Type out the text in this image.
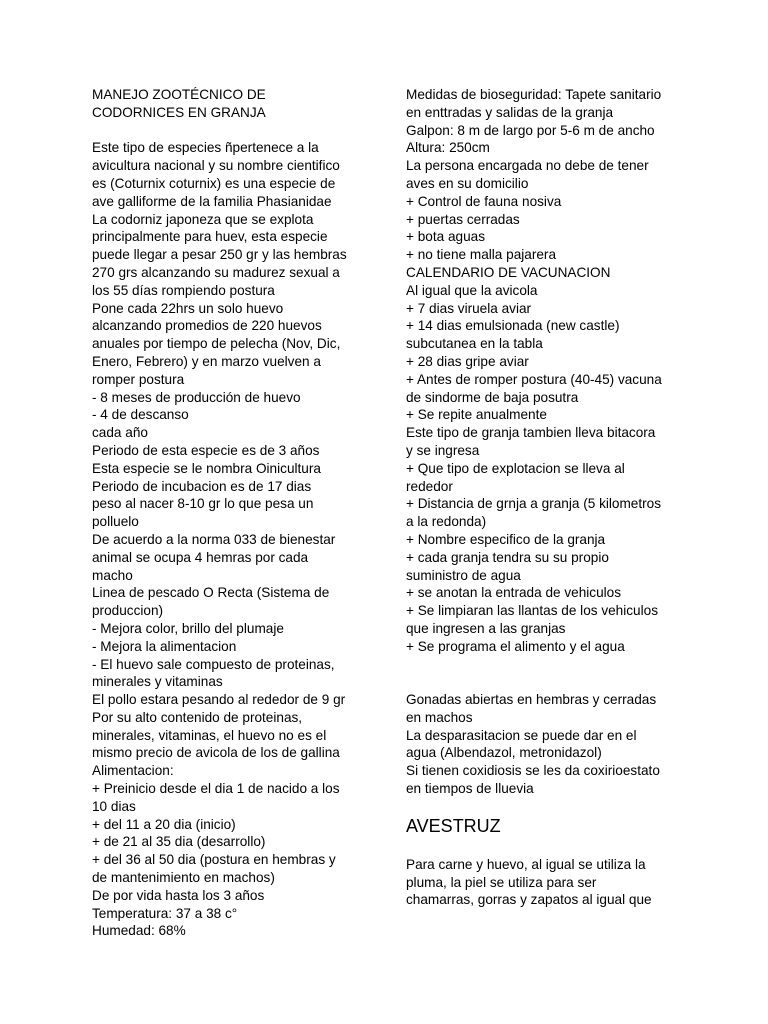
MANEJO ZOOTÉCNICO DE
CODORNICES EN GRANJA
Este tipo de especies ñpertenece a la
avicultura nacional y su nombre cientifico
es (Coturnix coturnix) es una especie de
ave galliforme de la familia Phasianidae
La codorniz japoneza que se explota
principalmente para huev, esta especie
puede llegar a pesar 250 gr y las hembras
270 grs alcanzando su madurez sexual a
los 55 días rompiendo postura
Pone cada 22hrs un solo huevo
alcanzando promedios de 220 huevos
anuales por tiempo de pelecha (Nov, Dic,
Enero, Febrero) y en marzo vuelven a
romper postura
- 8 meses de producción de huevo
- 4 de descanso
cada año
Periodo de esta especie es de 3 años
Esta especie se le nombra Oinicultura
Periodo de incubacion es de 17 dias
peso al nacer 8-10 gr lo que pesa un
polluelo
De acuerdo a la norma 033 de bienestar
animal se ocupa 4 hemras por cada
macho
Linea de pescado O Recta (Sistema de
produccion)
- Mejora color, brillo del plumaje
- Mejora la alimentacion
- El huevo sale compuesto de proteinas,
minerales y vitaminas
El pollo estara pesando al rededor de 9 gr
Por su alto contenido de proteinas,
minerales, vitaminas, el huevo no es el
mismo precio de avicola de los de gallina
Alimentacion:
+ Preinicio desde el dia 1 de nacido a los
10 dias
+ del 11 a 20 dia (inicio)
+ de 21 al 35 dia (desarrollo)
+ del 36 al 50 dia (postura en hembras y
de mantenimiento en machos)
De por vida hasta los 3 años
Temperatura: 37 a 38 c°
Humedad: 68%
Medidas de bioseguridad: Tapete sanitario
en enttradas y salidas de la granja
Galpon: 8 m de largo por 5-6 m de ancho
Altura: 250cm
La persona encargada no debe de tener
aves en su domicilio
+ Control de fauna nosiva
+ puertas cerradas
+ bota aguas
+ no tiene malla pajarera
CALENDARIO DE VACUNACION
Al igual que la avicola
+ 7 dias viruela aviar
+ 14 dias emulsionada (new castle)
subcutanea en la tabla
+ 28 dias gripe aviar
+ Antes de romper postura (40-45) vacuna
de sindorme de baja posutra
+ Se repite anualmente
Este tipo de granja tambien lleva bitacora
y se ingresa
+ Que tipo de explotacion se lleva al
rededor
+ Distancia de grnja a granja (5 kilometros
a la redonda)
+ Nombre especifico de la granja
+ cada granja tendra su su propio
suministro de agua
+ se anotan la entrada de vehiculos
+ Se limpiaran las llantas de los vehiculos
que ingresen a las granjas
+ Se programa el alimento y el agua
Gonadas abiertas en hembras y cerradas
en machos
La desparasitacion se puede dar en el
agua (Albendazol, metronidazol)
Si tienen coxidiosis se les da coxirioestato
en tiempos de lluevia
AVESTRUZ
Para carne y huevo, al igual se utiliza la
pluma, la piel se utiliza para ser
chamarras, gorras y zapatos al igual que
